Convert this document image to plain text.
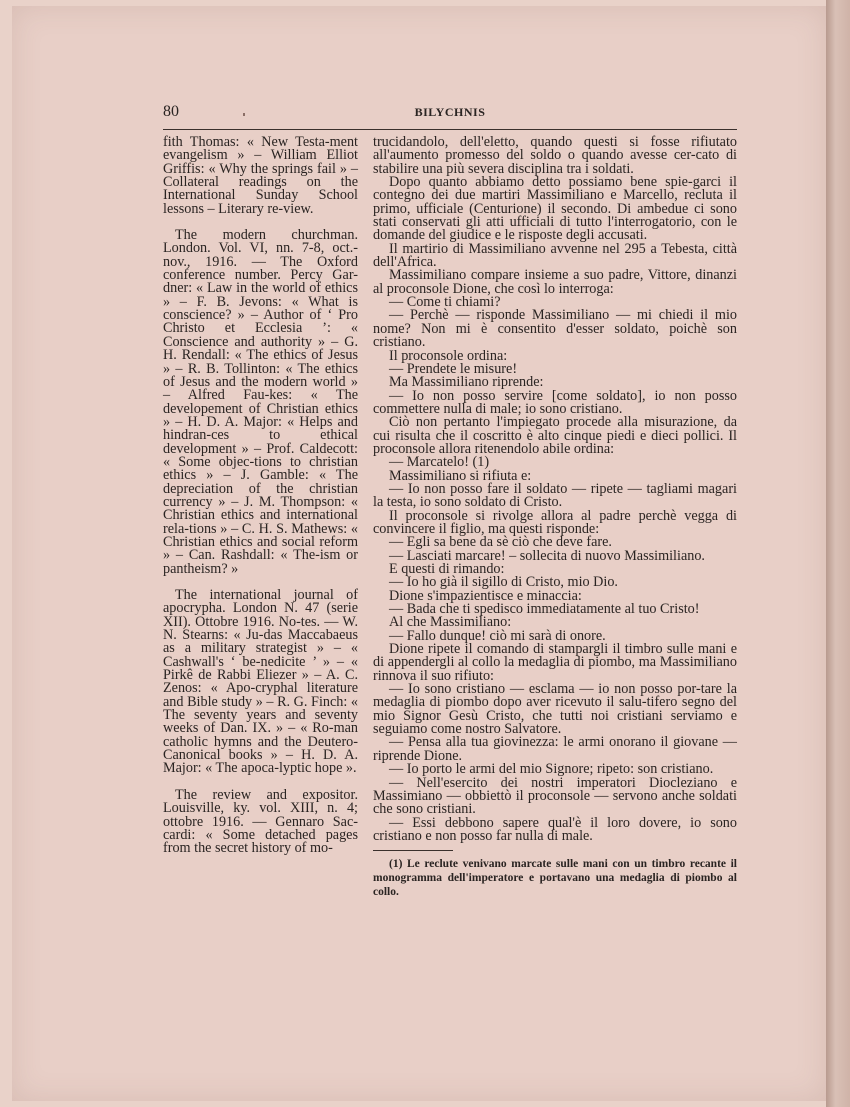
80	BILYCHNIS

fith Thomas: « New Testa-ment evangelism » – William Elliot Griffis: « Why the springs fail » – Collateral readings on the International Sunday School lessons – Literary re-view.

The modern churchman. London. Vol. VI, nn. 7-8, oct.-nov., 1916. — The Oxford conference number. Percy Gar-dner: « Law in the world of ethics » – F. B. Jevons: « What is conscience? » – Author of ‘ Pro Christo et Ecclesia ’: « Conscience and authority » – G. H. Rendall: « The ethics of Jesus » – R. B. Tollinton: « The ethics of Jesus and the modern world » – Alfred Fau-kes: « The developement of Christian ethics » – H. D. A. Major: « Helps and hindran-ces to ethical development » – Prof. Caldecott: « Some objec-tions to christian ethics » – J. Gamble: « The depreciation of the christian currency » – J. M. Thompson: « Christian ethics and international rela-tions » – C. H. S. Mathews: « Christian ethics and social reform » – Can. Rashdall: « The-ism or pantheism? »

The international journal of apocrypha. London N. 47 (serie XII). Ottobre 1916. No-tes. — W. N. Stearns: « Ju-das Maccabaeus as a military strategist » – « Cashwall's ‘ be-nedicite ’ » – « Pirkê de Rabbi Eliezer » – A. C. Zenos: « Apo-cryphal literature and Bible study » – R. G. Finch: « The seventy years and seventy weeks of Dan. IX. » – « Ro-man catholic hymns and the Deutero-Canonical books » – H. D. A. Major: « The apoca-lyptic hope ».

The review and expositor. Louisville, ky. vol. XIII, n. 4; ottobre 1916. — Gennaro Sac-cardi: « Some detached pages from the secret history of mo-

trucidandolo, dell'eletto, quando questi si fosse rifiutato all'aumento promesso del soldo o quando avesse cer-cato di stabilire una più severa disciplina tra i soldati.

Dopo quanto abbiamo detto possiamo bene spie-garci il contegno dei due martiri Massimiliano e Marcello, recluta il primo, ufficiale (Centurione) il secondo. Di ambedue ci sono stati conservati gli atti ufficiali di tutto l'interrogatorio, con le domande del giudice e le risposte degli accusati.

Il martirio di Massimiliano avvenne nel 295 a Tebesta, città dell'Africa.

Massimiliano compare insieme a suo padre, Vittore, dinanzi al proconsole Dione, che così lo interroga:

— Come ti chiami?

— Perchè — risponde Massimiliano — mi chiedi il mio nome? Non mi è consentito d'esser soldato, poichè son cristiano.

Il proconsole ordina:

— Prendete le misure!

Ma Massimiliano riprende:

— Io non posso servire [come soldato], io non posso commettere nulla di male; io sono cristiano.

Ciò non pertanto l'impiegato procede alla misurazione, da cui risulta che il coscritto è alto cinque piedi e dieci pollici. Il proconsole allora ritenendolo abile ordina:

— Marcatelo! (1)

Massimiliano si rifiuta e:

— Io non posso fare il soldato — ripete — tagliami magari la testa, io sono soldato di Cristo.

Il proconsole si rivolge allora al padre perchè vegga di convincere il figlio, ma questi risponde:

— Egli sa bene da sè ciò che deve fare.

— Lasciati marcare! – sollecita di nuovo Massimiliano.

E questi di rimando:

— Io ho già il sigillo di Cristo, mio Dio.

Dione s'impazientisce e minaccia:

— Bada che ti spedisco immediatamente al tuo Cristo!

Al che Massimiliano:

— Fallo dunque! ciò mi sarà di onore.

Dione ripete il comando di stampargli il timbro sulle mani e di appendergli al collo la medaglia di piombo, ma Massimiliano rinnova il suo rifiuto:

— Io sono cristiano — esclama — io non posso por-tare la medaglia di piombo dopo aver ricevuto il salu-tifero segno del mio Signor Gesù Cristo, che tutti noi cristiani serviamo e seguiamo come nostro Salvatore.

— Pensa alla tua giovinezza: le armi onorano il giovane — riprende Dione.

— Io porto le armi del mio Signore; ripeto: son cristiano.

— Nell'esercito dei nostri imperatori Diocleziano e Massimiano — obbiettò il proconsole — servono anche soldati che sono cristiani.

— Essi debbono sapere qual'è il loro dovere, io sono cristiano e non posso far nulla di male.

(1) Le reclute venivano marcate sulle mani con un timbro recante il monogramma dell'imperatore e portavano una medaglia di piombo al collo.
